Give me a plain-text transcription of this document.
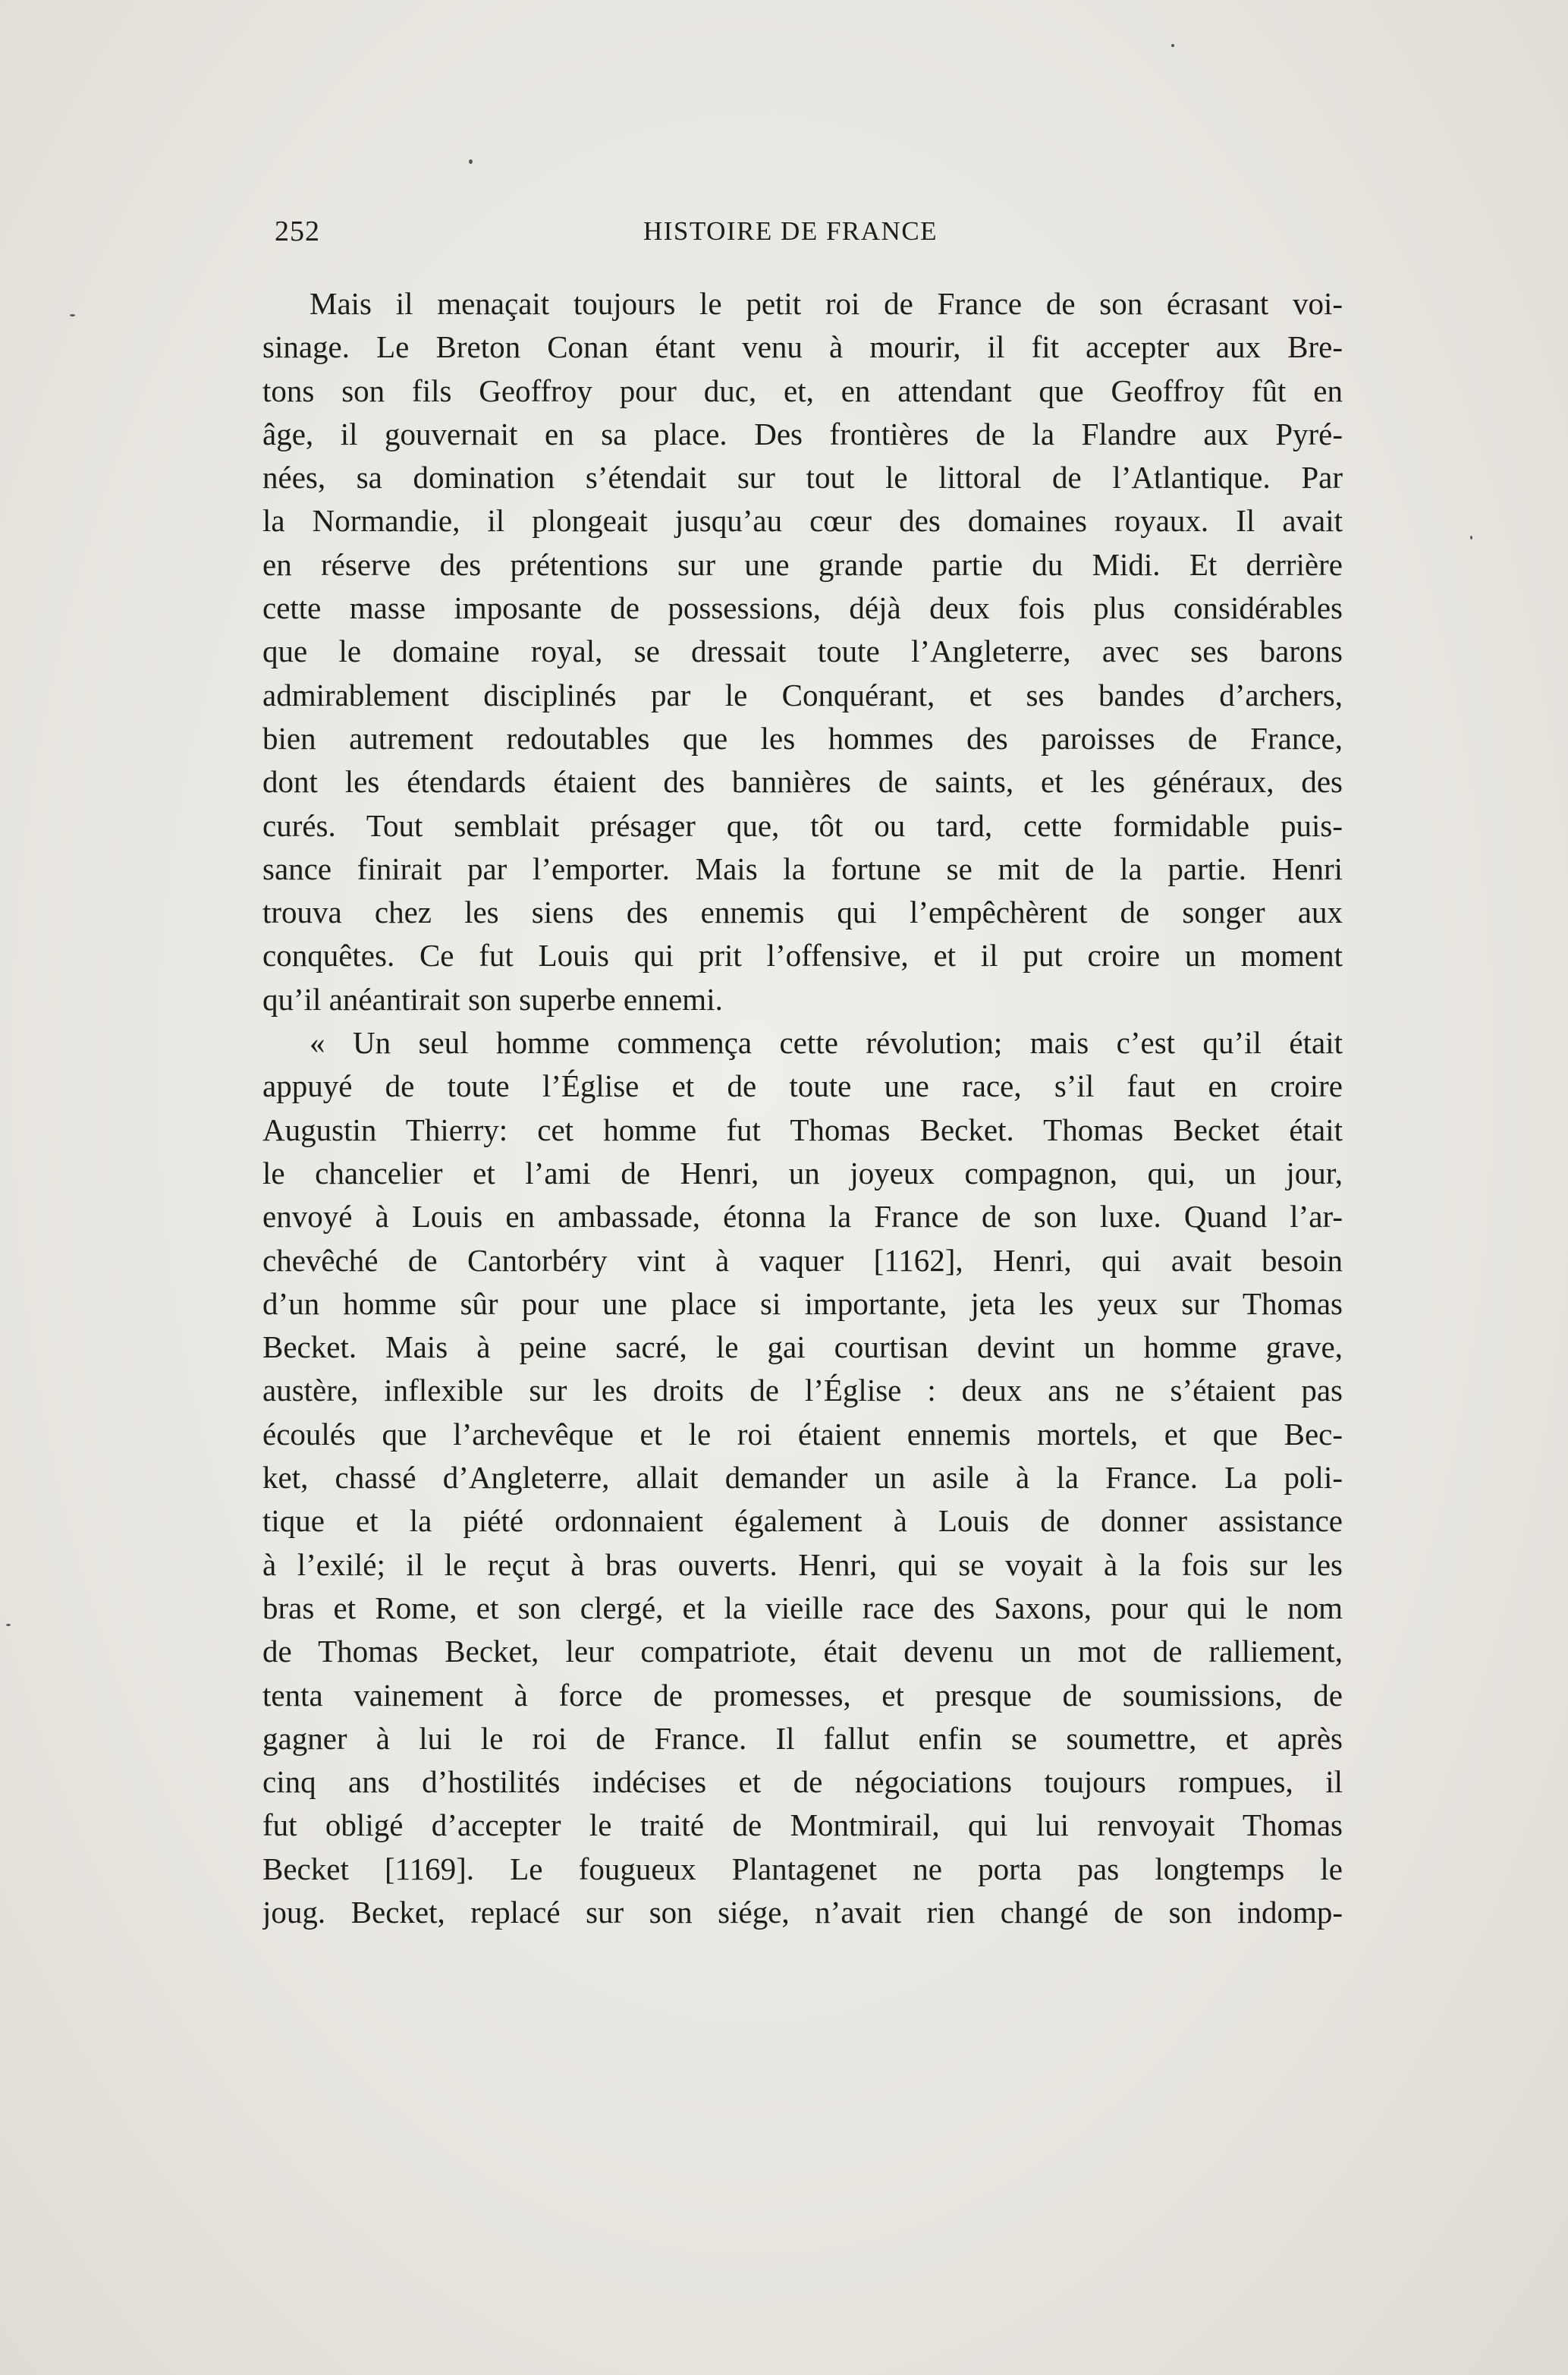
252	HISTOIRE DE FRANCE
Mais il menaçait toujours le petit roi de France de son écrasant voi-
sinage. Le Breton Conan étant venu à mourir, il fit accepter aux Bre-
tons son fils Geoffroy pour duc, et, en attendant que Geoffroy fût en
âge, il gouvernait en sa place. Des frontières de la Flandre aux Pyré-
nées, sa domination s’étendait sur tout le littoral de l’Atlantique. Par
la Normandie, il plongeait jusqu’au cœur des domaines royaux. Il avait
en réserve des prétentions sur une grande partie du Midi. Et derrière
cette masse imposante de possessions, déjà deux fois plus considérables
que le domaine royal, se dressait toute l’Angleterre, avec ses barons
admirablement disciplinés par le Conquérant, et ses bandes d’archers,
bien autrement redoutables que les hommes des paroisses de France,
dont les étendards étaient des bannières de saints, et les généraux, des
curés. Tout semblait présager que, tôt ou tard, cette formidable puis-
sance finirait par l’emporter. Mais la fortune se mit de la partie. Henri
trouva chez les siens des ennemis qui l’empêchèrent de songer aux
conquêtes. Ce fut Louis qui prit l’offensive, et il put croire un moment
qu’il anéantirait son superbe ennemi.
« Un seul homme commença cette révolution; mais c’est qu’il était
appuyé de toute l’Église et de toute une race, s’il faut en croire
Augustin Thierry: cet homme fut Thomas Becket. Thomas Becket était
le chancelier et l’ami de Henri, un joyeux compagnon, qui, un jour,
envoyé à Louis en ambassade, étonna la France de son luxe. Quand l’ar-
chevêché de Cantorbéry vint à vaquer [1162], Henri, qui avait besoin
d’un homme sûr pour une place si importante, jeta les yeux sur Thomas
Becket. Mais à peine sacré, le gai courtisan devint un homme grave,
austère, inflexible sur les droits de l’Église : deux ans ne s’étaient pas
écoulés que l’archevêque et le roi étaient ennemis mortels, et que Bec-
ket, chassé d’Angleterre, allait demander un asile à la France. La poli-
tique et la piété ordonnaient également à Louis de donner assistance
à l’exilé; il le reçut à bras ouverts. Henri, qui se voyait à la fois sur les
bras et Rome, et son clergé, et la vieille race des Saxons, pour qui le nom
de Thomas Becket, leur compatriote, était devenu un mot de ralliement,
tenta vainement à force de promesses, et presque de soumissions, de
gagner à lui le roi de France. Il fallut enfin se soumettre, et après
cinq ans d’hostilités indécises et de négociations toujours rompues, il
fut obligé d’accepter le traité de Montmirail, qui lui renvoyait Thomas
Becket [1169]. Le fougueux Plantagenet ne porta pas longtemps le
joug. Becket, replacé sur son siége, n’avait rien changé de son indomp-
